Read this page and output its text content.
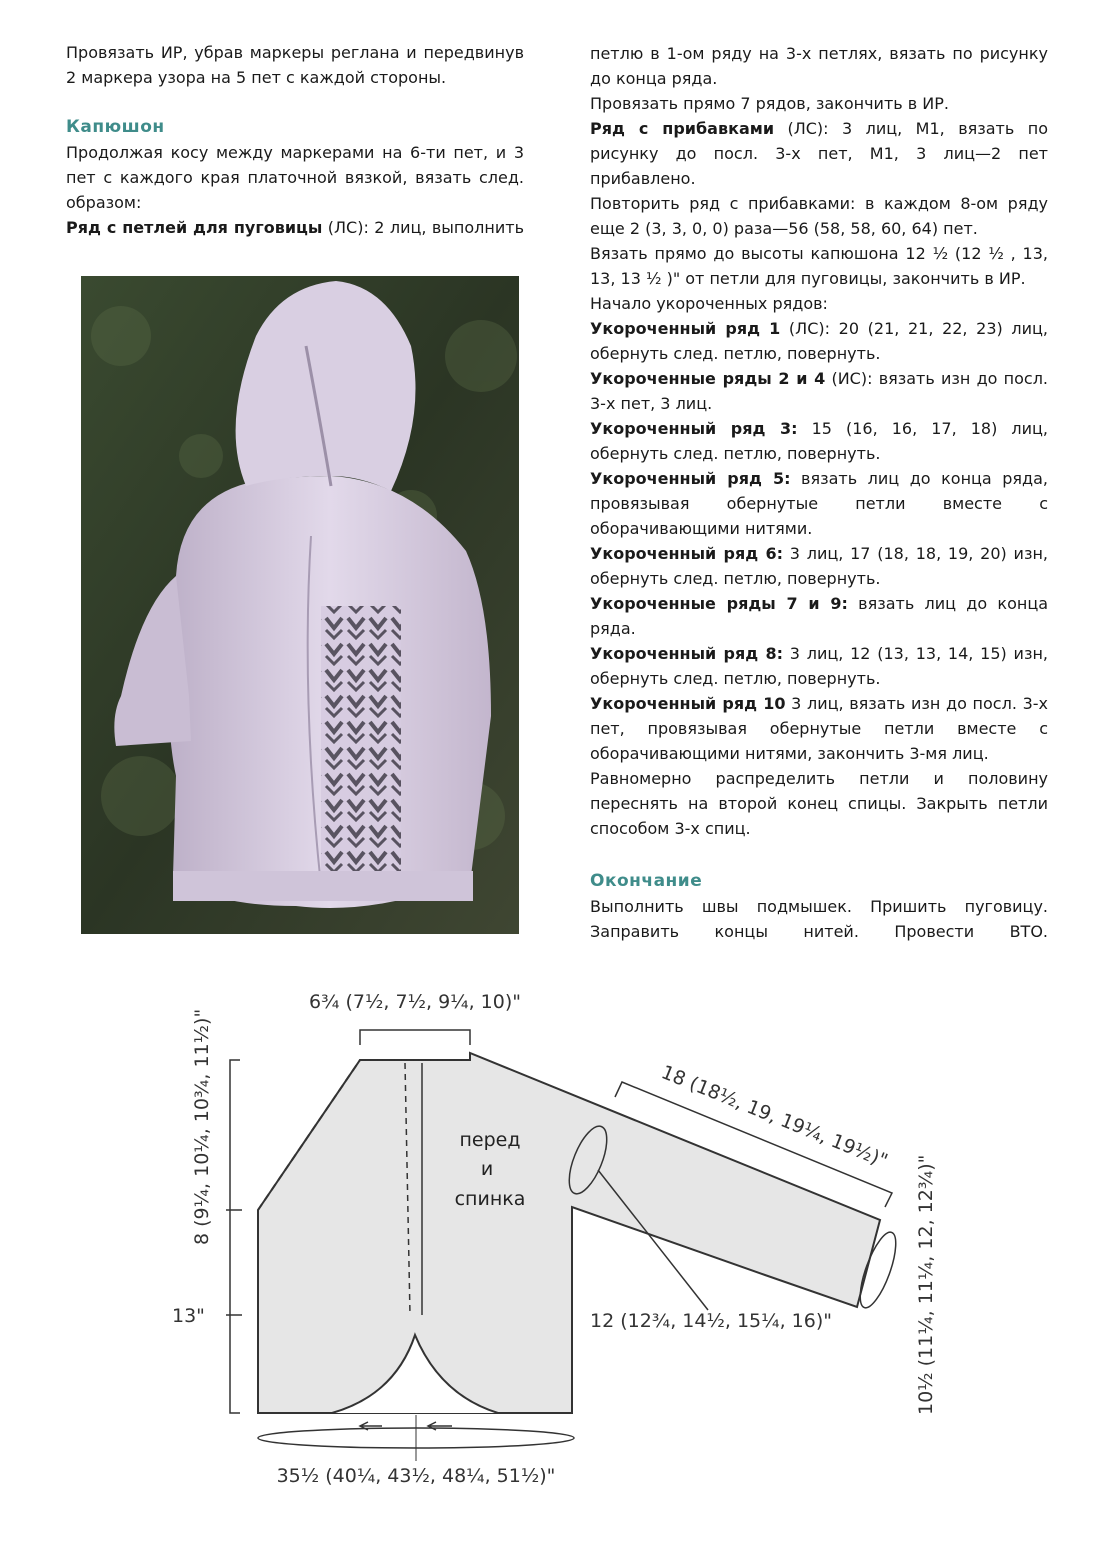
Провязать ИР, убрав маркеры реглана и передвинув 2 маркера узора на 5 пет с каждой стороны.

Капюшон

Продолжая косу между маркерами на 6-ти пет, и 3 пет с каждого края платочной вязкой, вязать след. образом:

Ряд с петлей для пуговицы (ЛС): 2 лиц, выполнить

петлю в 1-ом ряду на 3-х петлях, вязать по рисунку до конца ряда.

Провязать прямо 7 рядов, закончить в ИР.

Ряд с прибавками (ЛС): 3 лиц, М1, вязать по рисунку до посл. 3-х пет, М1, 3 лиц—2 пет прибавлено.

Повторить ряд с прибавками: в каждом 8-ом ряду еще 2 (3, 3, 0, 0) раза—56 (58, 58, 60, 64) пет.

Вязать прямо до высоты капюшона 12 ½ (12 ½ , 13, 13, 13 ½ )" от петли для пуговицы, закончить в ИР.

Начало укороченных рядов:

Укороченный ряд 1 (ЛС): 20 (21, 21, 22, 23) лиц, обернуть след. петлю, повернуть.

Укороченные ряды 2 и 4 (ИС): вязать изн до посл. 3-х пет, 3 лиц.

Укороченный ряд 3: 15 (16, 16, 17, 18) лиц, обернуть след. петлю, повернуть.

Укороченный ряд 5: вязать лиц до конца ряда, провязывая обернутые петли вместе с оборачивающими нитями.

Укороченный ряд 6: 3 лиц, 17 (18, 18, 19, 20) изн, обернуть след. петлю, повернуть.

Укороченные ряды 7 и 9: вязать лиц до конца ряда.

Укороченный ряд 8: 3 лиц, 12 (13, 13, 14, 15) изн, обернуть след. петлю, повернуть.

Укороченный ряд 10 3 лиц, вязать изн до посл. 3-х пет, провязывая обернутые петли вместе с оборачивающими нитями, закончить 3-мя лиц.

Равномерно распределить петли и половину переснять на второй конец спицы. Закрыть петли способом 3-х спиц.

Окончание

Выполнить швы подмышек. Пришить пуговицу. Заправить концы нитей. Провести ВТО.

6¾ (7½, 7½, 9¼, 10)"
8 (9¼, 10¼, 10¾, 11½)"
13"
18 (18½, 19, 19¼, 19½)"
12 (12¾, 14½, 15¼, 16)"	10½ (11¼, 11¼, 12, 12¾)"
35½ (40¼, 43½, 48¼, 51½)"
перед
и
спинка
